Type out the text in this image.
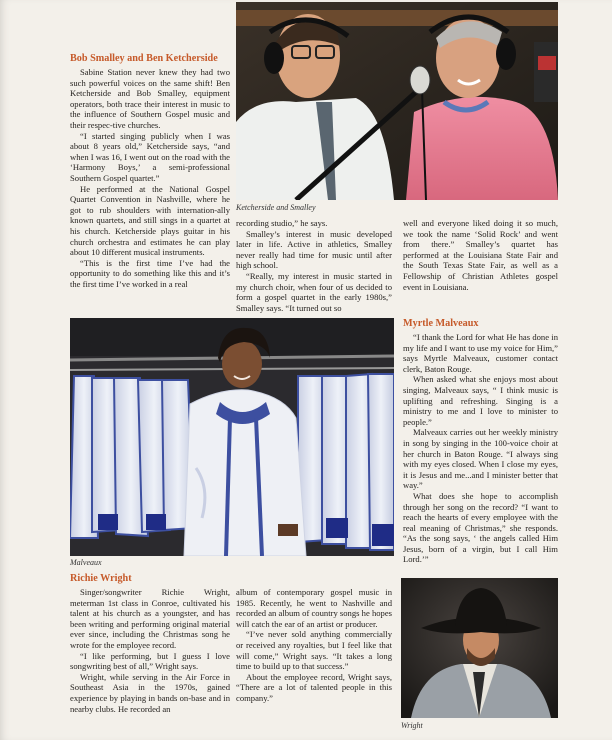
Ketcherside and Smalley
Bob Smalley and Ben Ketcherside

Sabine Station never knew they had two such powerful voices on the same shift! Ben Ketcherside and Bob Smalley, equipment operators, both trace their interest in music to the influence of Southern Gospel music and their respec-tive churches.

“I started singing publicly when I was about 8 years old,” Ketcherside says, “and when I was 16, I went out on the road with the ‘Harmony Boys,’ a semi-professional Southern Gospel quartet.”

He performed at the National Gospel Quartet Convention in Nashville, where he got to rub shoulders with internation-ally known quartets, and still sings in a quartet at his church. Ketcherside plays guitar in his church orchestra and estimates he can play about 10 different musical instruments.

“This is the first time I’ve had the opportunity to do something like this and it’s the first time I’ve worked in a real

recording studio,” he says.

Smalley’s interest in music developed later in life. Active in athletics, Smalley never really had time for music until after high school.

“Really, my interest in music started in my church choir, when four of us decided to form a gospel quartet in the early 1980s,” Smalley says. “It turned out so

well and everyone liked doing it so much, we took the name ‘Solid Rock’ and went from there.” Smalley’s quartet has performed at the Louisiana State Fair and the South Texas State Fair, as well as a Fellowship of Christian Athletes gospel event in Louisiana.

Malveaux
Myrtle Malveaux

“I thank the Lord for what He has done in my life and I want to use my voice for Him,” says Myrtle Malveaux, customer contact clerk, Baton Rouge.

When asked what she enjoys most about singing, Malveaux says, “ I think music is uplifting and refreshing. Singing is a ministry to me and I love to minister to people.”

Malveaux carries out her weekly ministry in song by singing in the 100-voice choir at her church in Baton Rouge. “I always sing with my eyes closed. When I close my eyes, it is Jesus and me...and I minister better that way.”

What does she hope to accomplish through her song on the record? “I want to reach the hearts of every employee with the real meaning of Christmas,” she responds. “As the song says, ‘ the angels called Him Jesus, born of a virgin, but I call Him Lord.’”

Richie Wright

Singer/songwriter Richie Wright, meterman 1st class in Conroe, cultivated his talent at his church as a youngster, and has been writing and performing original material ever since, including the Christmas song he wrote for the employee record.

“I like performing, but I guess I love songwriting best of all,” Wright says.

Wright, while serving in the Air Force in Southeast Asia in the 1970s, gained experience by playing in bands on-base and in nearby clubs. He recorded an

album of contemporary gospel music in 1985. Recently, he went to Nashville and recorded an album of country songs he hopes will catch the ear of an artist or producer.

“I’ve never sold anything commercially or received any royalties, but I feel like that will come,” Wright says. “It takes a long time to build up to that success.”

About the employee record, Wright says, “There are a lot of talented people in this company.”

Wright
